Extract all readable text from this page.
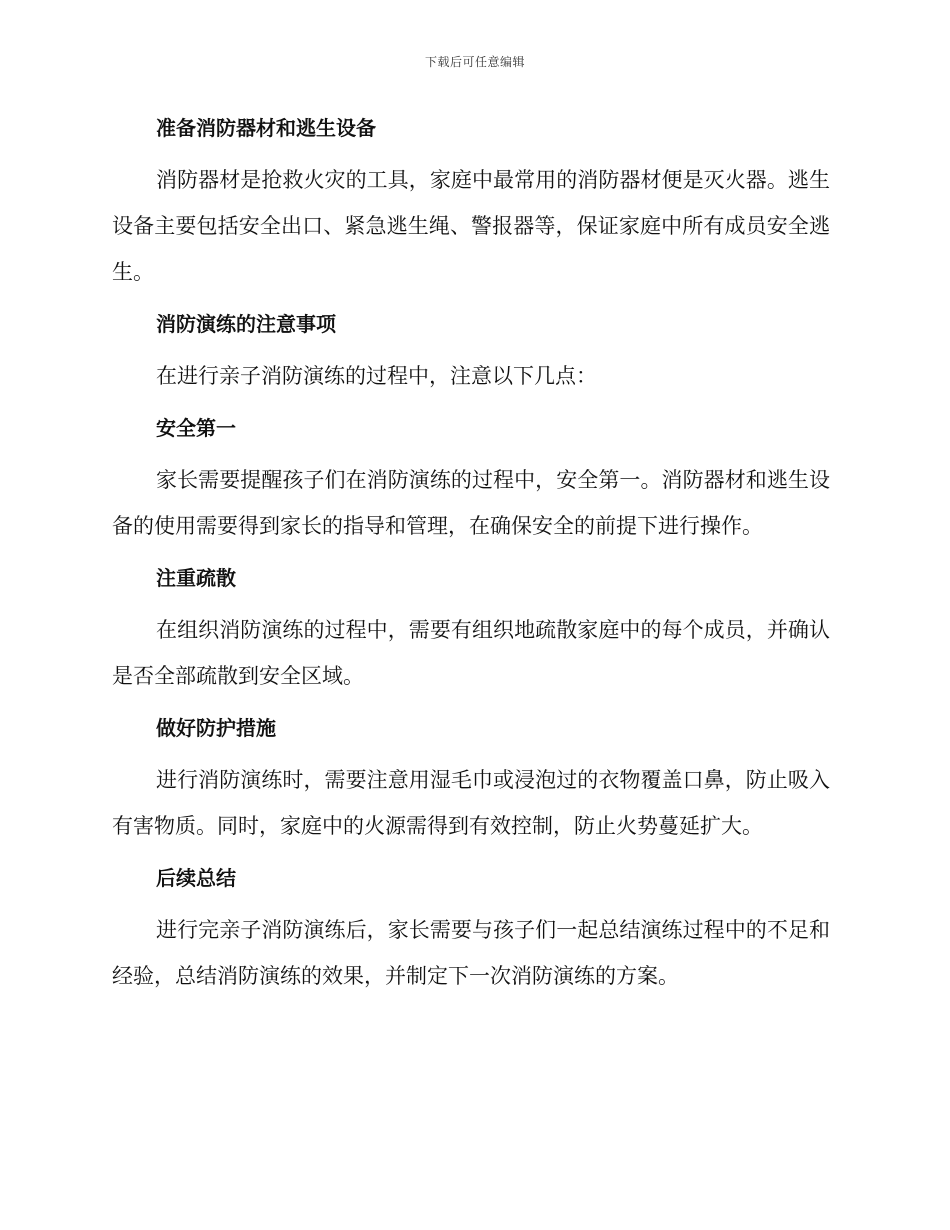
下载后可任意编辑
准备消防器材和逃生设备

消防器材是抢救火灾的工具，家庭中最常用的消防器材便是灭火器。逃生设备主要包括安全出口、紧急逃生绳、警报器等，保证家庭中所有成员安全逃生。

消防演练的注意事项

在进行亲子消防演练的过程中，注意以下几点：

安全第一

家长需要提醒孩子们在消防演练的过程中，安全第一。消防器材和逃生设备的使用需要得到家长的指导和管理，在确保安全的前提下进行操作。

注重疏散

在组织消防演练的过程中，需要有组织地疏散家庭中的每个成员，并确认是否全部疏散到安全区域。

做好防护措施

进行消防演练时，需要注意用湿毛巾或浸泡过的衣物覆盖口鼻，防止吸入有害物质。同时，家庭中的火源需得到有效控制，防止火势蔓延扩大。

后续总结

进行完亲子消防演练后，家长需要与孩子们一起总结演练过程中的不足和经验，总结消防演练的效果，并制定下一次消防演练的方案。
